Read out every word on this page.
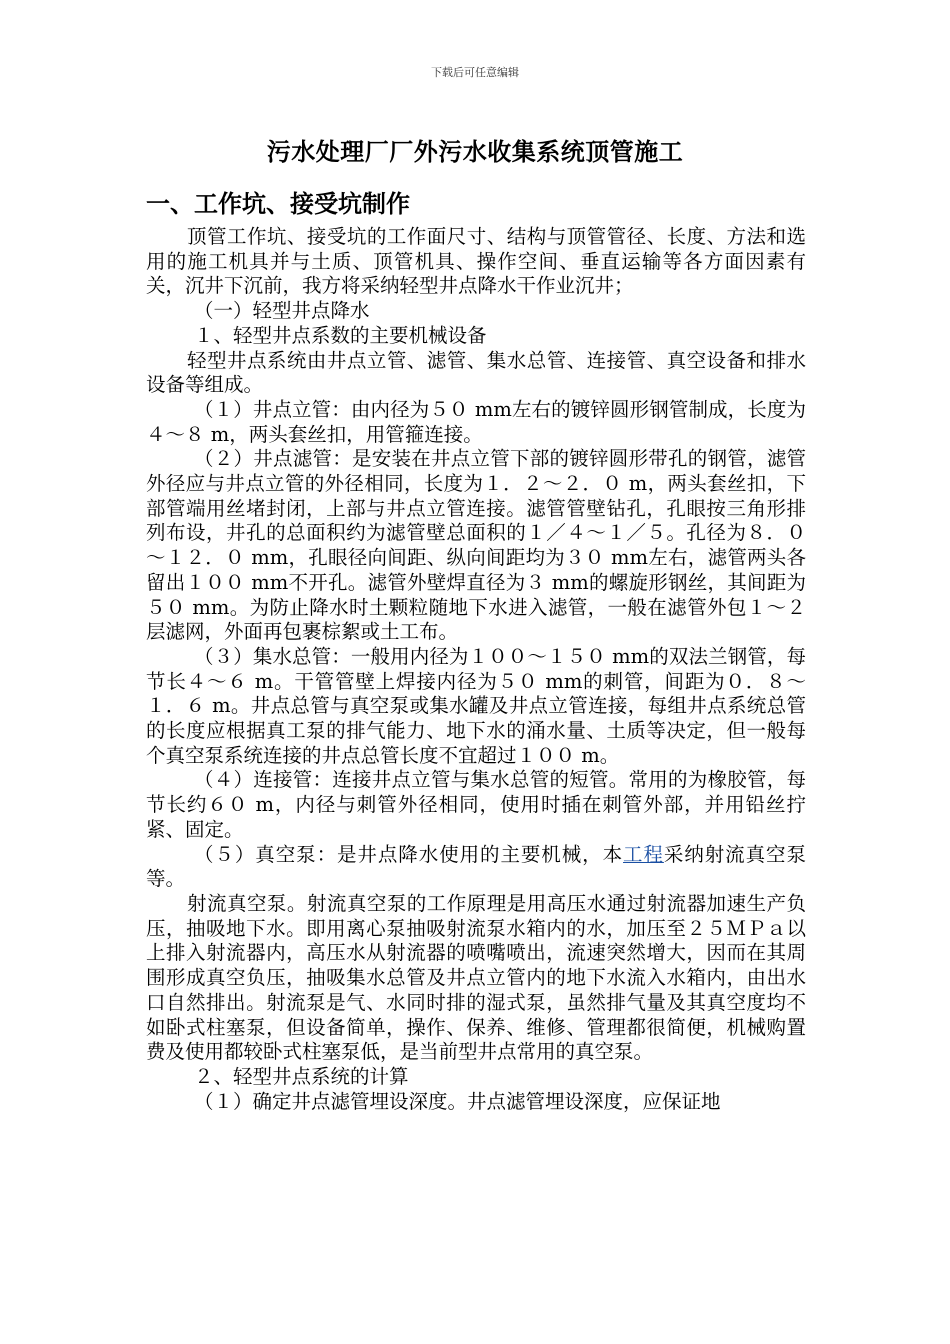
下载后可任意编辑
污水处理厂厂外污水收集系统顶管施工
一、工作坑、接受坑制作

顶管工作坑、接受坑的工作面尺寸、结构与顶管管径、长度、方法和选用的施工机具并与土质、顶管机具、操作空间、垂直运输等各方面因素有关，沉井下沉前，我方将采纳轻型井点降水干作业沉井；

（一）轻型井点降水

１、轻型井点系数的主要机械设备

轻型井点系统由井点立管、滤管、集水总管、连接管、真空设备和排水设备等组成。

（１）井点立管：由内径为５０ mm左右的镀锌圆形钢管制成，长度为４～８ m，两头套丝扣，用管箍连接。

（２）井点滤管：是安装在井点立管下部的镀锌圆形带孔的钢管，滤管外径应与井点立管的外径相同，长度为１．２～２．０ m，两头套丝扣，下部管端用丝堵封闭，上部与井点立管连接。滤管管壁钻孔，孔眼按三角形排列布设，井孔的总面积约为滤管壁总面积的１／４～１／５。孔径为８．０～１２．０ mm，孔眼径向间距、纵向间距均为３０ mm左右，滤管两头各留出１００ mm不开孔。滤管外壁焊直径为３ mm的螺旋形钢丝，其间距为５０ mm。为防止降水时土颗粒随地下水进入滤管，一般在滤管外包１～２层滤网，外面再包裹棕絮或土工布。

（３）集水总管：一般用内径为１００～１５０ mm的双法兰钢管，每节长４～６ m。干管管壁上焊接内径为５０ mm的刺管，间距为０．８～１．６ m。井点总管与真空泵或集水罐及井点立管连接，每组井点系统总管的长度应根据真工泵的排气能力、地下水的涌水量、土质等决定，但一般每个真空泵系统连接的井点总管长度不宜超过１００ m。

（４）连接管：连接井点立管与集水总管的短管。常用的为橡胶管，每节长约６０ m，内径与刺管外径相同，使用时插在刺管外部，并用铅丝拧紧、固定。

（５）真空泵：是井点降水使用的主要机械，本工程采纳射流真空泵等。

射流真空泵。射流真空泵的工作原理是用高压水通过射流器加速生产负压，抽吸地下水。即用离心泵抽吸射流泵水箱内的水，加压至２５ＭＰａ以上排入射流器内，高压水从射流器的喷嘴喷出，流速突然增大，因而在其周围形成真空负压，抽吸集水总管及井点立管内的地下水流入水箱内，由出水口自然排出。射流泵是气、水同时排的湿式泵，虽然排气量及其真空度均不如卧式柱塞泵，但设备简单，操作、保养、维修、管理都很简便，机械购置费及使用都较卧式柱塞泵低，是当前型井点常用的真空泵。

２、轻型井点系统的计算

（１）确定井点滤管埋设深度。井点滤管埋设深度，应保证地
